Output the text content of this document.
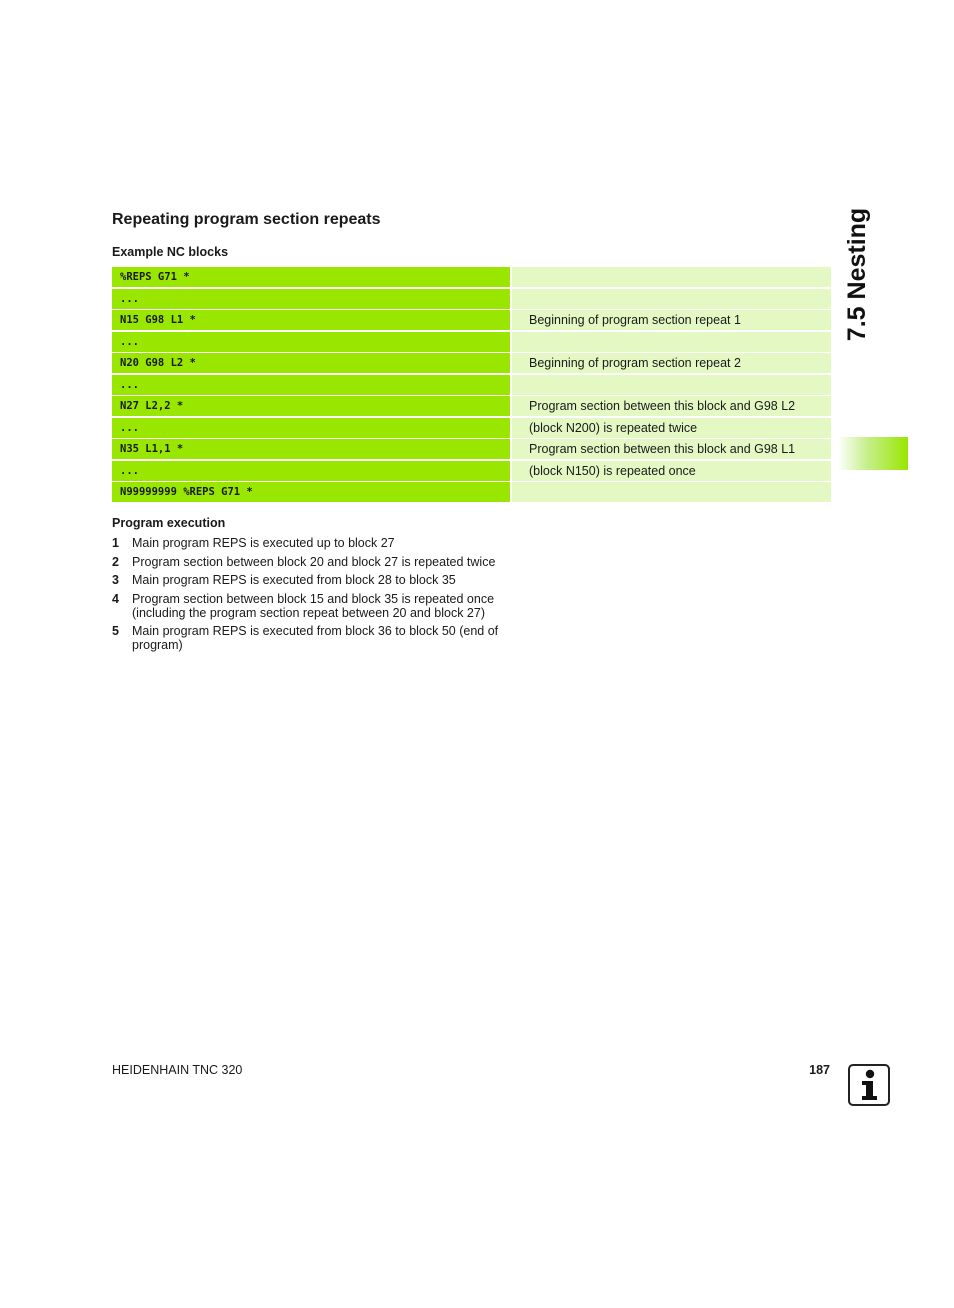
Repeating program section repeats
Example NC blocks
%REPS G71 *
...
N15 G98 L1 *	Beginning of program section repeat 1
...
N20 G98 L2 *	Beginning of program section repeat 2
...
N27 L2,2 *	Program section between this block and G98 L2
...	(block N200) is repeated twice
N35 L1,1 *	Program section between this block and G98 L1
...	(block N150) is repeated once
N99999999 %REPS G71 *
Program execution
1	Main program REPS is executed up to block 27
2	Program section between block 20 and block 27 is repeated twice
3	Main program REPS is executed from block 28 to block 35
4	Program section between block 15 and block 35 is repeated once (including the program section repeat between 20 and block 27)
5	Main program REPS is executed from block 36 to block 50 (end of program)
7.5 Nesting
HEIDENHAIN TNC 320	187
